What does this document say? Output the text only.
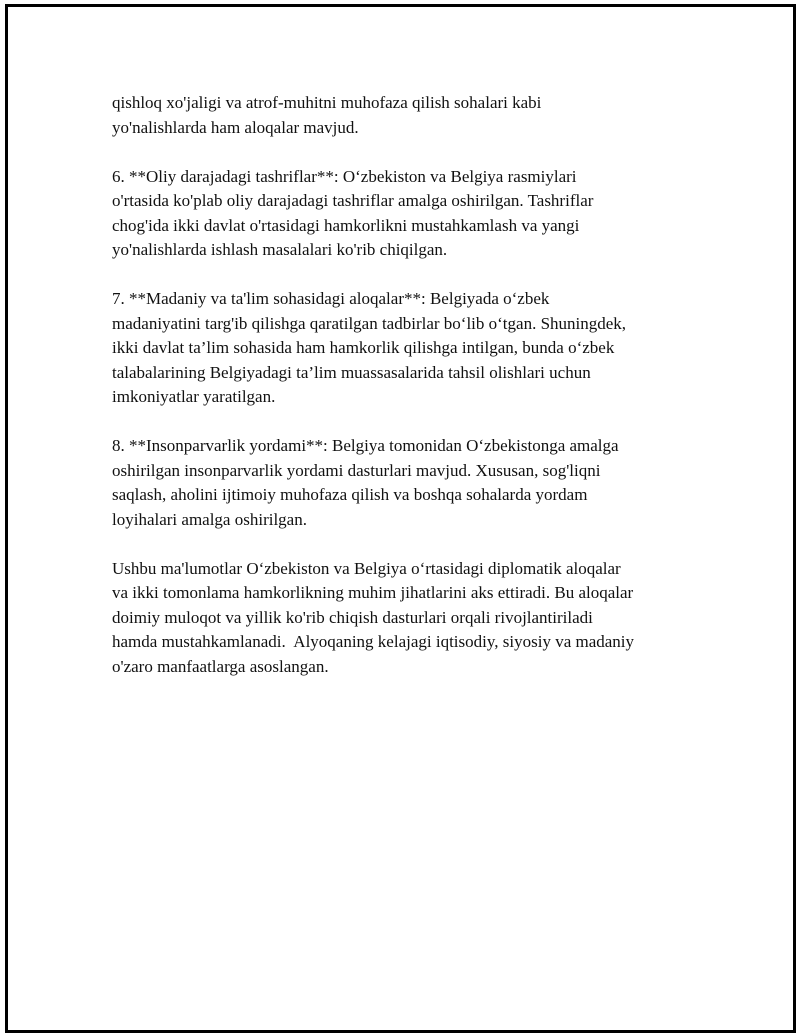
qishloq xo'jaligi va atrof-muhitni muhofaza qilish sohalari kabi
yo'nalishlarda ham aloqalar mavjud.
6. **Oliy darajadagi tashriflar**: O‘zbekiston va Belgiya rasmiylari
o'rtasida ko'plab oliy darajadagi tashriflar amalga oshirilgan. Tashriflar
chog'ida ikki davlat o'rtasidagi hamkorlikni mustahkamlash va yangi
yo'nalishlarda ishlash masalalari ko'rib chiqilgan.
7. **Madaniy va ta'lim sohasidagi aloqalar**: Belgiyada o‘zbek
madaniyatini targ'ib qilishga qaratilgan tadbirlar bo‘lib o‘tgan. Shuningdek,
ikki davlat ta’lim sohasida ham hamkorlik qilishga intilgan, bunda o‘zbek
talabalarining Belgiyadagi ta’lim muassasalarida tahsil olishlari uchun
imkoniyatlar yaratilgan.
8. **Insonparvarlik yordami**: Belgiya tomonidan O‘zbekistonga amalga
oshirilgan insonparvarlik yordami dasturlari mavjud. Xususan, sog'liqni
saqlash, aholini ijtimoiy muhofaza qilish va boshqa sohalarda yordam
loyihalari amalga oshirilgan.
Ushbu ma'lumotlar O‘zbekiston va Belgiya o‘rtasidagi diplomatik aloqalar
va ikki tomonlama hamkorlikning muhim jihatlarini aks ettiradi. Bu aloqalar
doimiy muloqot va yillik ko'rib chiqish dasturlari orqali rivojlantiriladi
hamda mustahkamlanadi.  Alyoqaning kelajagi iqtisodiy, siyosiy va madaniy
o'zaro manfaatlarga asoslangan.
